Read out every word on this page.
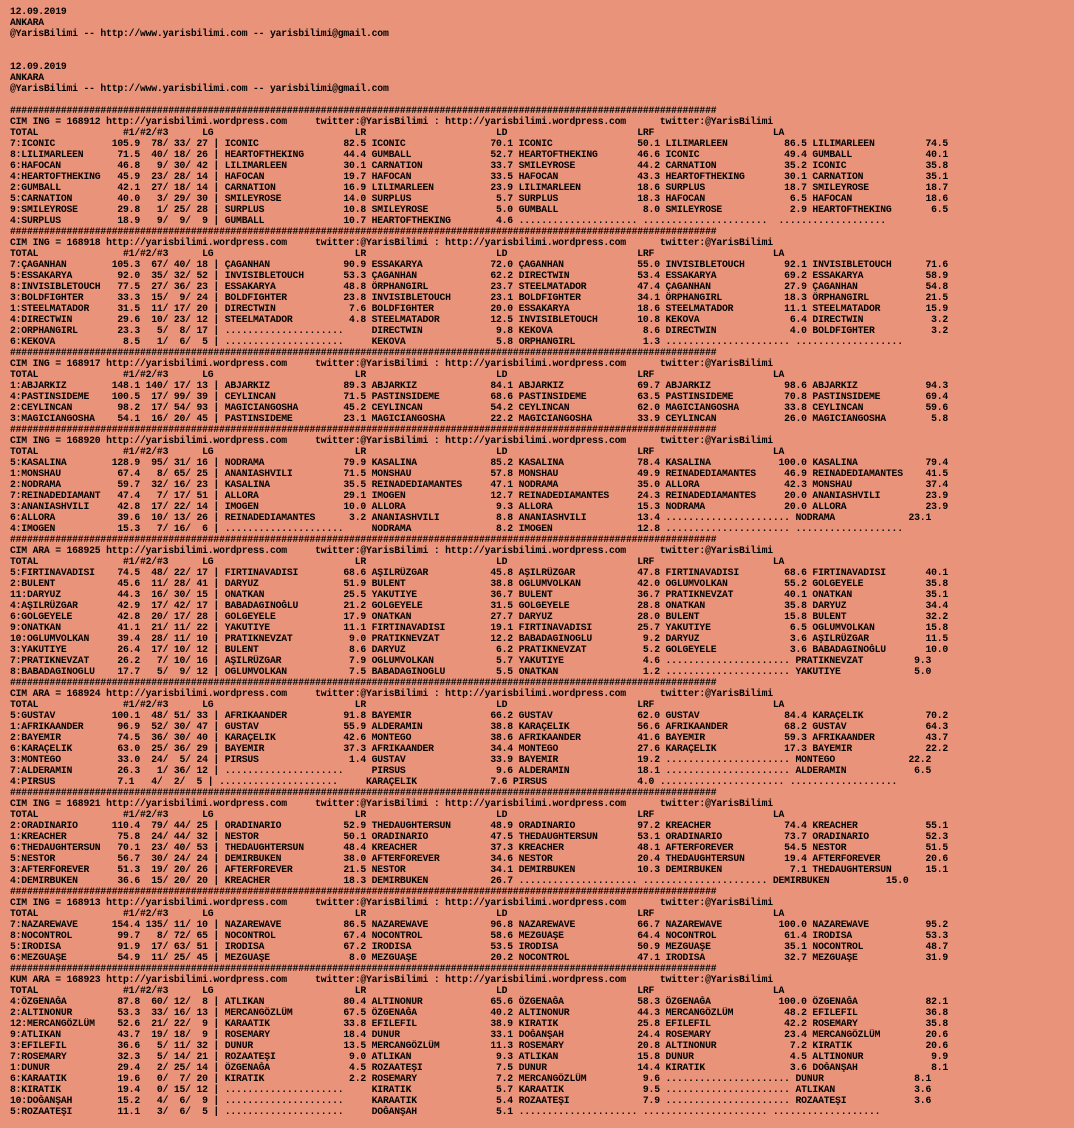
12.09.2019
ANKARA
@YarisBilimi -- http://www.yarisbilimi.com -- yarisbilimi@gmail.com

12.09.2019
ANKARA
@YarisBilimi -- http://www.yarisbilimi.com -- yarisbilimi@gmail.com

#############################################################################################################################
CIM ING = 168912 http://yarisbilimi.wordpress.com     twitter:@YarisBilimi : http://yarisbilimi.wordpress.com      twitter:@YarisBilimi
TOTAL               #1/#2/#3      LG                         LR                       LD                       LRF                     LA
7:ICONIC          105.9  78/ 33/ 27 | ICONIC               82.5 ICONIC               70.1 ICONIC               50.1 LILIMARLEEN          86.5 LILIMARLEEN         74.5
8:LILIMARLEEN      71.5  40/ 18/ 26 | HEARTOFTHEKING       44.4 GUMBALL              52.7 HEARTOFTHEKING       46.6 ICONIC               49.4 GUMBALL             40.1
6:HAFOCAN          46.8   9/ 30/ 42 | LILIMARLEEN          30.1 CARNATION            33.7 SMILEYROSE           44.2 CARNATION            35.2 ICONIC              35.8
4:HEARTOFTHEKING   45.9  23/ 28/ 14 | HAFOCAN              19.7 HAFOCAN              33.5 HAFOCAN              43.3 HEARTOFTHEKING       30.1 CARNATION           35.1
2:GUMBALL          42.1  27/ 18/ 14 | CARNATION            16.9 LILIMARLEEN          23.9 LILIMARLEEN          18.6 SURPLUS              18.7 SMILEYROSE          18.7
5:CARNATION        40.0   3/ 29/ 30 | SMILEYROSE           14.0 SURPLUS               5.7 SURPLUS              18.3 HAFOCAN               6.5 HAFOCAN             18.6
9:SMILEYROSE       29.8   1/ 25/ 28 | SURPLUS              10.8 SMILEYROSE            5.0 GUMBALL               8.0 SMILEYROSE            2.9 HEARTOFTHEKING       6.5
4:SURPLUS          18.9   9/  9/  9 | GUMBALL              10.7 HEARTOFTHEKING        4.6 ..................... ......................  ...................
#############################################################################################################################
CIM ING = 168918 http://yarisbilimi.wordpress.com     twitter:@YarisBilimi : http://yarisbilimi.wordpress.com      twitter:@YarisBilimi
TOTAL               #1/#2/#3      LG                         LR                       LD                       LRF                     LA
7:ÇAGANHAN        105.3  67/ 40/ 18 | ÇAGANHAN             90.9 ESSAKARYA            72.0 ÇAGANHAN             55.0 INVISIBLETOUCH       92.1 INVISIBLETOUCH      71.6
5:ESSAKARYA        92.0  35/ 32/ 52 | INVISIBLETOUCH       53.3 ÇAGANHAN             62.2 DIRECTWIN            53.4 ESSAKARYA            69.2 ESSAKARYA           58.9
8:INVISIBLETOUCH   77.5  27/ 36/ 23 | ESSAKARYA            48.8 ÖRPHANGIRL           23.7 STEELMATADOR         47.4 ÇAGANHAN             27.9 ÇAGANHAN            54.8
3:BOLDFIGHTER      33.3  15/  9/ 24 | BOLDFIGHTER          23.8 INVISIBLETOUCH       23.1 BOLDFIGHTER          34.1 ÖRPHANGIRL           18.3 ÖRPHANGIRL          21.5
1:STEELMATADOR     31.5  11/ 17/ 20 | DIRECTWIN             7.6 BOLDFIGHTER          20.0 ESSAKARYA            18.6 STEELMATADOR         11.1 STEELMATADOR        15.9
4:DIRECTWIN        29.6  10/ 23/ 12 | STEELMATADOR          4.8 STEELMATADOR         12.5 INVISIBLETOUCH       10.8 KEKOVA                6.4 DIRECTWIN            3.2
2:ORPHANGIRL       23.3   5/  8/ 17 | .....................     DIRECTWIN             9.8 KEKOVA                8.6 DIRECTWIN             4.0 BOLDFIGHTER          3.2
6:KEKOVA            8.5   1/  6/  5 | .....................     KEKOVA                5.8 ORPHANGIRL            1.3 ...................... ...................
#############################################################################################################################
CIM ING = 168917 http://yarisbilimi.wordpress.com     twitter:@YarisBilimi : http://yarisbilimi.wordpress.com      twitter:@YarisBilimi
TOTAL               #1/#2/#3      LG                         LR                       LD                       LRF                     LA
1:ABJARKIZ        148.1 140/ 17/ 13 | ABJARKIZ             89.3 ABJARKIZ             84.1 ABJARKIZ             69.7 ABJARKIZ             98.6 ABJARKIZ            94.3
4:PASTINSIDEME    100.5  17/ 99/ 39 | CEYLINCAN            71.5 PASTINSIDEME         68.6 PASTINSIDEME         63.5 PASTINSIDEME         70.8 PASTINSIDEME        69.4
2:CEYLINCAN        98.2  17/ 54/ 93 | MAGICIANGOSHA        45.2 CEYLINCAN            54.2 CEYLINCAN            62.0 MAGICIANGOSHA        33.8 CEYLINCAN           59.6
3:MAGICIANGOSHA    54.1  16/ 20/ 45 | PASTINSIDEME         23.1 MAGICIANGOSHA        22.2 MAGICIANGOSHA        33.9 CEYLINCAN            26.0 MAGICIANGOSHA        5.8
#############################################################################################################################
CIM ING = 168920 http://yarisbilimi.wordpress.com     twitter:@YarisBilimi : http://yarisbilimi.wordpress.com      twitter:@YarisBilimi
TOTAL               #1/#2/#3      LG                         LR                       LD                       LRF                     LA
5:KASALINA        128.9  95/ 31/ 16 | NODRAMA              79.9 KASALINA             85.2 KASALINA             78.4 KASALINA            100.0 KASALINA            79.4
1:MONSHAU          67.4   8/ 65/ 25 | ANANIASHVILI         71.5 MONSHAU              57.8 MONSHAU              49.9 REINADEDIAMANTES     46.9 REINADEDIAMANTES    41.5
2:NODRAMA          59.7  32/ 16/ 23 | KASALINA             35.5 REINADEDIAMANTES     47.1 NODRAMA              35.0 ALLORA               42.3 MONSHAU             37.4
7:REINADEDIAMANT   47.4   7/ 17/ 51 | ALLORA               29.1 IMOGEN               12.7 REINADEDIAMANTES     24.3 REINADEDIAMANTES     20.0 ANANIASHVILI        23.9
3:ANANIASHVILI     42.8  17/ 22/ 14 | IMOGEN               10.0 ALLORA                9.3 ALLORA               15.3 NODRAMA              20.0 ALLORA              23.9
6:ALLORA           39.6  10/ 13/ 26 | REINADEDIAMANTES      3.2 ANANIASHVILI          8.8 ANANIASHVILI         13.4 ...................... NODRAMA             23.1
4:IMOGEN           15.3   7/ 16/  6 | .....................     NODRAMA               8.2 IMOGEN               12.8 ...................... ...................
#############################################################################################################################
CIM ARA = 168925 http://yarisbilimi.wordpress.com     twitter:@YarisBilimi : http://yarisbilimi.wordpress.com      twitter:@YarisBilimi
TOTAL               #1/#2/#3      LG                         LR                       LD                       LRF                     LA
5:FIRTINAVADISI    74.5  48/ 22/ 17 | FIRTINAVADISI        68.6 AŞILRÜZGAR           45.8 AŞILRÜZGAR           47.8 FIRTINAVADISI        68.6 FIRTINAVADISI       40.1
2:BULENT           45.6  11/ 28/ 41 | DARYUZ               51.9 BULENT               38.8 OGLUMVOLKAN          42.0 OGLUMVOLKAN          55.2 GOLGEYELE           35.8
11:DARYUZ          44.3  16/ 30/ 15 | ONATKAN              25.5 YAKUTIYE             36.7 BULENT               36.7 PRATIKNEVZAT         40.1 ONATKAN             35.1
4:AŞILRÜZGAR       42.9  17/ 42/ 17 | BABADAGINOĞLU        21.2 GOLGEYELE            31.5 GOLGEYELE            28.8 ONATKAN              35.8 DARYUZ              34.4
6:GOLGEYELE        42.8  20/ 17/ 28 | GOLGEYELE            17.9 ONATKAN              27.7 DARYUZ               28.0 BULENT               15.8 BULENT              32.2
9:ONATKAN          41.1  21/ 11/ 22 | YAKUTIYE             11.1 FIRTINAVADISI        19.1 FIRTINAVADISI        25.7 YAKUTIYE              6.5 OGLUMVOLKAN         15.8
10:OGLUMVOLKAN     39.4  28/ 11/ 10 | PRATIKNEVZAT          9.0 PRATIKNEVZAT         12.2 BABADAGINOGLU         9.2 DARYUZ                3.6 AŞILRÜZGAR          11.5
3:YAKUTIYE         26.4  17/ 10/ 12 | BULENT                8.6 DARYUZ                6.2 PRATIKNEVZAT          5.2 GOLGEYELE             3.6 BABADAGINOĞLU       10.0
7:PRATIKNEVZAT     26.2   7/ 10/ 16 | AŞILRÜZGAR            7.9 OGLUMVOLKAN           5.7 YAKUTIYE              4.6 ...................... PRATIKNEVZAT         9.3
8:BABADAGINOGLU    17.7   5/  9/ 12 | OGLUMVOLKAN           7.5 BABADAGINOGLU         5.5 ONATKAN               1.2 ...................... YAKUTIYE             5.0
#############################################################################################################################
CIM ARA = 168924 http://yarisbilimi.wordpress.com     twitter:@YarisBilimi : http://yarisbilimi.wordpress.com      twitter:@YarisBilimi
TOTAL               #1/#2/#3      LG                         LR                       LD                       LRF                     LA
5:GUSTAV          100.1  48/ 51/ 33 | AFRIKAANDER          91.8 BAYEMIR              66.2 GUSTAV               62.0 GUSTAV               84.4 KARAÇELIK           70.2
1:AFRIKAANDER      96.9  52/ 30/ 47 | GUSTAV               55.9 ALDERAMIN            38.8 KARAÇELIK            56.6 AFRIKAANDER          68.2 GUSTAV              64.3
2:BAYEMIR          74.5  36/ 30/ 40 | KARAÇELIK            42.6 MONTEGO              38.6 AFRIKAANDER          41.6 BAYEMIR              59.3 AFRIKAANDER         43.7
6:KARAÇELIK        63.0  25/ 36/ 29 | BAYEMIR              37.3 AFRIKAANDER          34.4 MONTEGO              27.6 KARAÇELIK            17.3 BAYEMIR             22.2
3:MONTEGO          33.0  24/  5/ 24 | PIRSUS                1.4 GUSTAV               33.9 BAYEMIR              19.2 ...................... MONTEGO             22.2
7:ALDERAMIN        26.3   1/ 36/ 12 | .....................     PIRSUS                9.6 ALDERAMIN            18.1 ...................... ALDERAMIN            6.5
4:PIRSUS           7.1   4/  2/  5 | .....................     KARAÇELIK             7.6 PIRSUS                4.0 ...................... ...................
#############################################################################################################################
CIM ING = 168921 http://yarisbilimi.wordpress.com     twitter:@YarisBilimi : http://yarisbilimi.wordpress.com      twitter:@YarisBilimi
TOTAL               #1/#2/#3      LG                         LR                       LD                       LRF                     LA
2:ORADINARIO      110.4  79/ 44/ 25 | ORADINARIO           52.9 THEDAUGHTERSUN       48.9 ORADINARIO           97.2 KREACHER             74.4 KREACHER            55.1
1:KREACHER         75.8  24/ 44/ 32 | NESTOR               50.1 ORADINARIO           47.5 THEDAUGHTERSUN       53.1 ORADINARIO           73.7 ORADINARIO          52.3
6:THEDAUGHTERSUN   70.1  23/ 40/ 53 | THEDAUGHTERSUN       48.4 KREACHER             37.3 KREACHER             48.1 AFTERFOREVER         54.5 NESTOR              51.5
5:NESTOR           56.7  30/ 24/ 24 | DEMIRBUKEN           38.0 AFTERFOREVER         34.6 NESTOR               20.4 THEDAUGHTERSUN       19.4 AFTERFOREVER        20.6
3:AFTERFOREVER     51.3  19/ 20/ 26 | AFTERFOREVER         21.5 NESTOR               34.1 DEMIRBUKEN           10.3 DEMIRBUKEN            7.1 THEDAUGHTERSUN      15.1
4:DEMIRBUKEN       36.6  15/ 20/ 20 | KREACHER             18.3 DEMIRBUKEN           26.7 ..................... ...................... DEMIRBUKEN          15.0
#############################################################################################################################
CIM ING = 168913 http://yarisbilimi.wordpress.com     twitter:@YarisBilimi : http://yarisbilimi.wordpress.com      twitter:@YarisBilimi
TOTAL               #1/#2/#3      LG                         LR                       LD                       LRF                     LA
7:NAZAREWAVE      154.4 135/ 11/ 10 | NAZAREWAVE           86.5 NAZAREWAVE           96.8 NAZAREWAVE           66.7 NAZAREWAVE          100.0 NAZAREWAVE          95.2
8:NOCONTROL        99.7   8/ 72/ 65 | NOCONTROL            67.4 NOCONTROL            58.6 MEZGUAŞE             64.4 NOCONTROL            61.4 IRODISA             53.3
5:IRODISA          91.9  17/ 63/ 51 | IRODISA              67.2 IRODISA              53.5 IRODISA              50.9 MEZGUAŞE             35.1 NOCONTROL           48.7
6:MEZGUAŞE         54.9  11/ 25/ 45 | MEZGUAŞE              8.0 MEZGUAŞE             20.2 NOCONTROL            47.1 IRODISA              32.7 MEZGUAŞE            31.9
#############################################################################################################################
KUM ARA = 168923 http://yarisbilimi.wordpress.com     twitter:@YarisBilimi : http://yarisbilimi.wordpress.com      twitter:@YarisBilimi
TOTAL               #1/#2/#3      LG                         LR                       LD                       LRF                     LA
4:ÖZGENAĞA         87.8  60/ 12/  8 | ATLIKAN              80.4 ALTINONUR            65.6 ÖZGENAĞA             58.3 ÖZGENAĞA            100.0 ÖZGENAĞA            82.1
2:ALTINONUR        53.3  33/ 16/ 13 | MERCANGÖZLÜM         67.5 ÖZGENAĞA             40.2 ALTINONUR            44.3 MERCANGÖZLÜM         48.2 EFILEFIL            36.8
12:MERCANGÖZLÜM    52.6  21/ 22/  9 | KARAATIK             33.8 EFILEFIL             38.9 KIRATIK              25.8 EFILEFIL             42.2 ROSEMARY            35.8
9:ATLIKAN          43.7  19/ 18/  9 | ROSEMARY             18.4 DUNUR                33.1 DOĞANŞAH             24.4 ROSEMARY             23.4 MERCANGÖZLÜM        20.6
3:EFILEFIL         36.6   5/ 11/ 32 | DUNUR                13.5 MERCANGÖZLÜM         11.3 ROSEMARY             20.8 ALTINONUR             7.2 KIRATIK             20.6
7:ROSEMARY         32.3   5/ 14/ 21 | ROZAATEŞI             9.0 ATLIKAN               9.3 ATLIKAN              15.8 DUNUR                 4.5 ALTINONUR            9.9
1:DUNUR            29.4   2/ 25/ 14 | ÖZGENAĞA              4.5 ROZAATEŞI             7.5 DUNUR                14.4 KIRATIK               3.6 DOĞANŞAH             8.1
6:KARAATIK         19.6   0/  7/ 20 | KIRATIK               2.2 ROSEMARY              7.2 MERCANGÖZLÜM          9.6 ...................... DUNUR                8.1
8:KIRATIK          19.4   0/ 15/ 12 | .....................     KIRATIK               5.7 KARAATIK              9.5 ...................... ATLIKAN              3.6
10:DOĞANŞAH        15.2   4/  6/  9 | .....................     KARAATIK              5.4 ROZAATEŞI             7.9 ...................... ROZAATEŞI            3.6
5:ROZAATEŞI        11.1   3/  6/  5 | .....................     DOĞANŞAH              5.1 ..................... ...................... ...................
